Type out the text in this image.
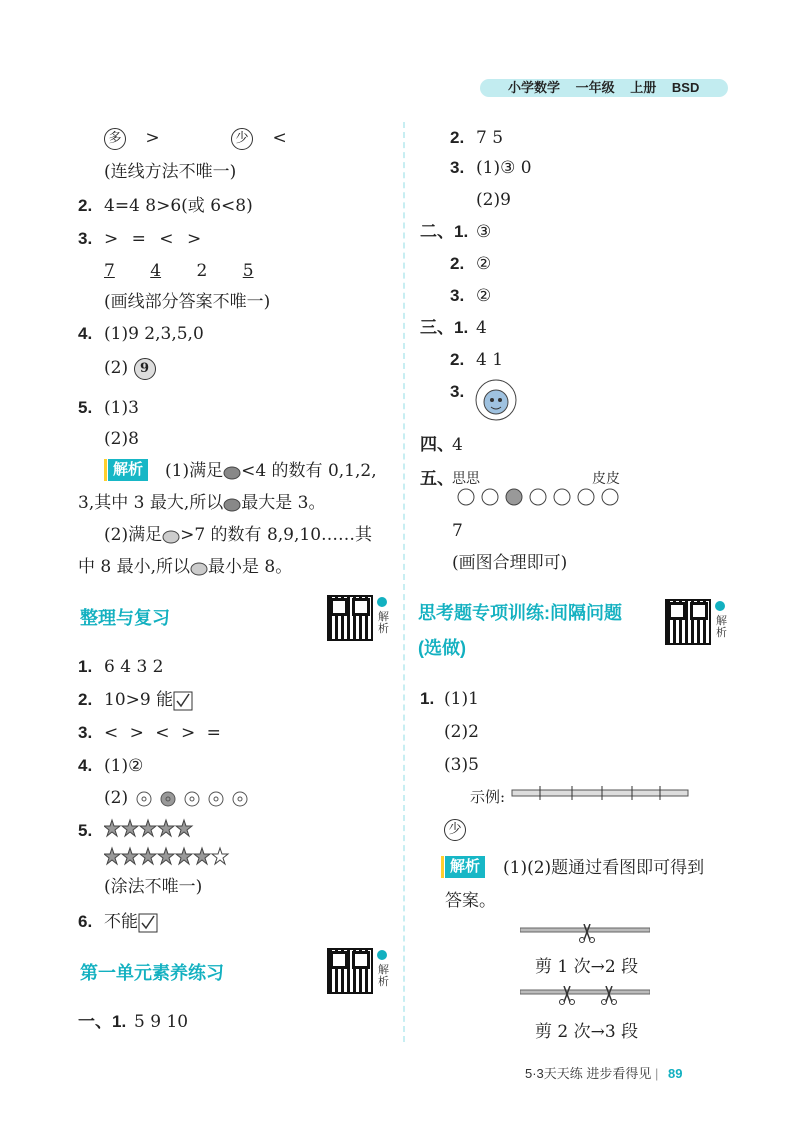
小学数学 一年级 上册 BSD
多 >	少 <
(连线方法不唯一)
2. 4=4 8>6(或 6<8)
3. > = < >
7 4 2 5
(画线部分答案不唯一)
4. (1)9 2,3,5,0
(2) 9
5. (1)3
(2)8
解析 (1)满足 <4 的数有 0,1,2,
3,其中 3 最大,所以 最大是 3。
(2)满足 >7 的数有 8,9,10……其
中 8 最小,所以 最小是 8。
整理与复习	解析
1. 6 4 3 2
2. 10>9 能
3. < > < > =
4. (1)②
(2)
5.
(涂法不唯一)
6. 不能
第一单元素养练习	解析
一、1. 5 9 10
2. 7 5
3. (1)③ 0
(2)9
二、1. ③
2. ②
3. ②
三、1. 4
2. 4 1
3.
四、
4
五、
思思	皮皮
7
(画图合理即可)
思考题专项训练:间隔问题
(选做)
解析
1. (1)1
(2)2
(3)5
示例:
少
解析 (1)(2)题通过看图即可得到
答案。
剪 1 次→2 段
剪 2 次→3 段
5·3天天练 进步看得见 | 89
